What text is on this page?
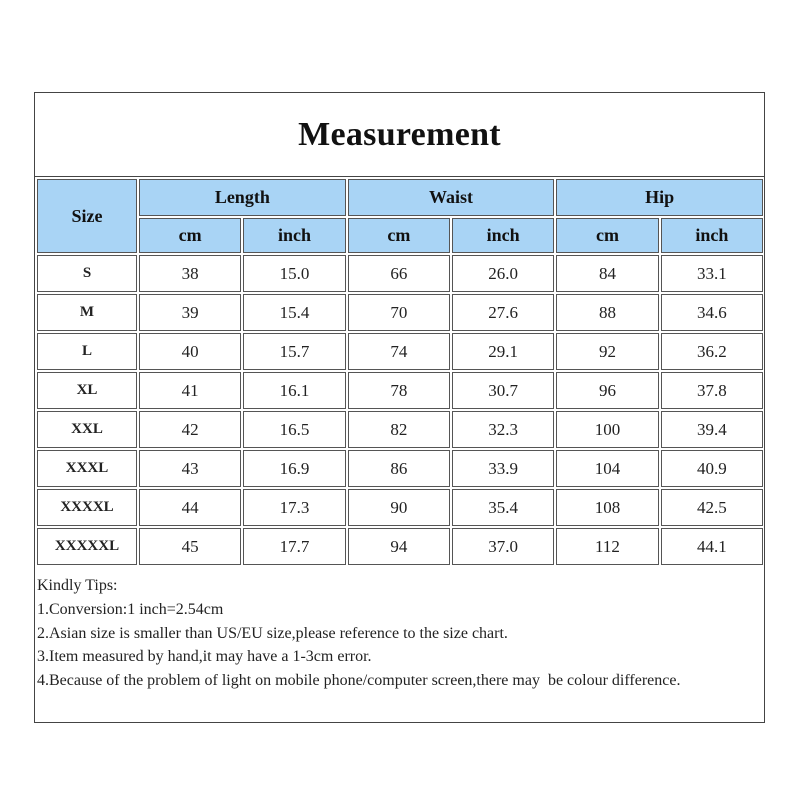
Measurement
Size	Length		Waist		Hip	
	cm	inch	cm	inch	cm	inch
S	38	15.0	66	26.0	84	33.1
M	39	15.4	70	27.6	88	34.6
L	40	15.7	74	29.1	92	36.2
XL	41	16.1	78	30.7	96	37.8
XXL	42	16.5	82	32.3	100	39.4
XXXL	43	16.9	86	33.9	104	40.9
XXXXL	44	17.3	90	35.4	108	42.5
XXXXXL	45	17.7	94	37.0	112	44.1
Kindly Tips:
1.Conversion:1 inch=2.54cm
2.Asian size is smaller than US/EU size,please reference to the size chart.
3.Item measured by hand,it may have a 1-3cm error.
4.Because of the problem of light on mobile phone/computer screen,there may  be colour difference.
